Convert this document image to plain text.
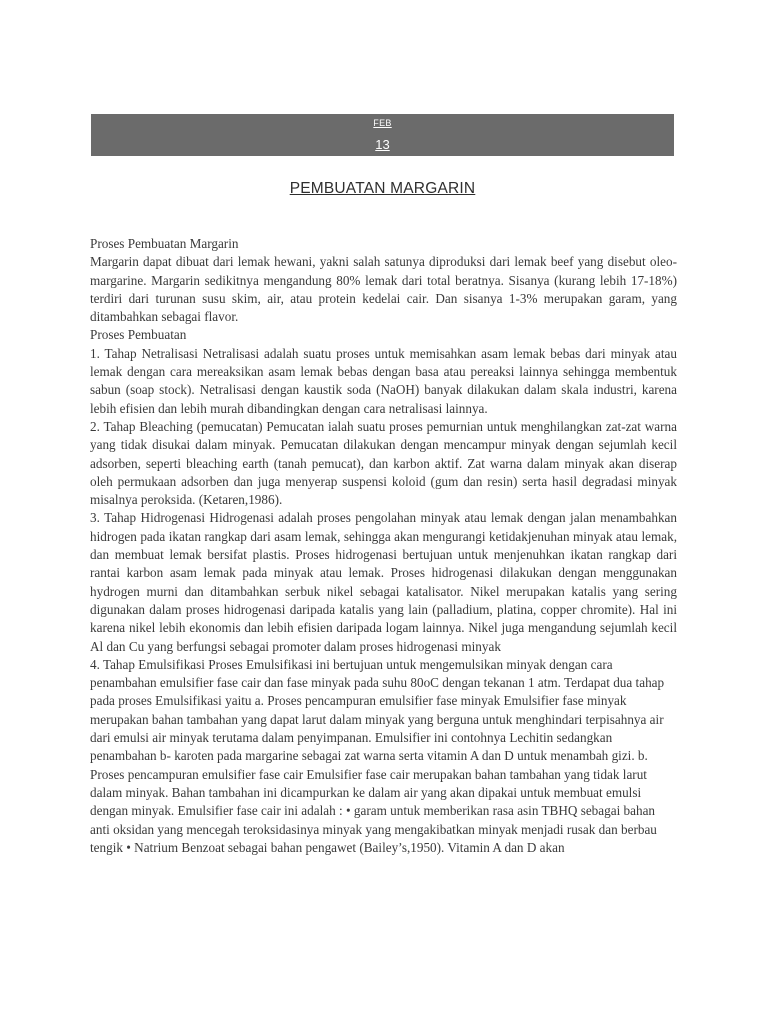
FEB
13
PEMBUATAN MARGARIN

Proses Pembuatan Margarin

Margarin dapat dibuat dari lemak hewani, yakni salah satunya diproduksi dari lemak beef yang disebut oleo-margarine. Margarin sedikitnya mengandung 80% lemak dari total beratnya. Sisanya (kurang lebih 17-18%) terdiri dari turunan susu skim, air, atau protein kedelai cair. Dan sisanya 1-3% merupakan garam, yang ditambahkan sebagai flavor.

Proses Pembuatan

1. Tahap Netralisasi Netralisasi adalah suatu proses untuk memisahkan asam lemak bebas dari minyak atau lemak dengan cara mereaksikan asam lemak bebas dengan basa atau pereaksi lainnya sehingga membentuk sabun (soap stock). Netralisasi dengan kaustik soda (NaOH) banyak dilakukan dalam skala industri, karena lebih efisien dan lebih murah dibandingkan dengan cara netralisasi lainnya.

2. Tahap Bleaching (pemucatan) Pemucatan ialah suatu proses pemurnian untuk menghilangkan zat-zat warna yang tidak disukai dalam minyak. Pemucatan dilakukan dengan mencampur minyak dengan sejumlah kecil adsorben, seperti bleaching earth (tanah pemucat), dan karbon aktif. Zat warna dalam minyak akan diserap oleh permukaan adsorben dan juga menyerap suspensi koloid (gum dan resin) serta hasil degradasi minyak misalnya peroksida. (Ketaren,1986).

3. Tahap Hidrogenasi Hidrogenasi adalah proses pengolahan minyak atau lemak dengan jalan menambahkan hidrogen pada ikatan rangkap dari asam lemak, sehingga akan mengurangi ketidakjenuhan minyak atau lemak, dan membuat lemak bersifat plastis. Proses hidrogenasi bertujuan untuk menjenuhkan ikatan rangkap dari rantai karbon asam lemak pada minyak atau lemak. Proses hidrogenasi dilakukan dengan menggunakan hydrogen murni dan ditambahkan serbuk nikel sebagai katalisator. Nikel merupakan katalis yang sering digunakan dalam proses hidrogenasi daripada katalis yang lain (palladium, platina, copper chromite). Hal ini karena nikel lebih ekonomis dan lebih efisien daripada logam lainnya. Nikel juga mengandung sejumlah kecil Al dan Cu yang berfungsi sebagai promoter dalam proses hidrogenasi minyak

4. Tahap Emulsifikasi Proses Emulsifikasi ini bertujuan untuk mengemulsikan minyak dengan cara penambahan emulsifier fase cair dan fase minyak pada suhu 80oC dengan tekanan 1 atm. Terdapat dua tahap pada proses Emulsifikasi yaitu a. Proses pencampuran emulsifier fase minyak Emulsifier fase minyak merupakan bahan tambahan yang dapat larut dalam minyak yang berguna untuk menghindari terpisahnya air dari emulsi air minyak terutama dalam penyimpanan. Emulsifier ini contohnya Lechitin sedangkan penambahan b- karoten pada margarine sebagai zat warna serta vitamin A dan D untuk menambah gizi. b. Proses pencampuran emulsifier fase cair Emulsifier fase cair merupakan bahan tambahan yang tidak larut dalam minyak. Bahan tambahan ini dicampurkan ke dalam air yang akan dipakai untuk membuat emulsi dengan minyak. Emulsifier fase cair ini adalah : • garam untuk memberikan rasa asin TBHQ sebagai bahan anti oksidan yang mencegah teroksidasinya minyak yang mengakibatkan minyak menjadi rusak dan berbau tengik • Natrium Benzoat sebagai bahan pengawet (Bailey’s,1950). Vitamin A dan D akan
